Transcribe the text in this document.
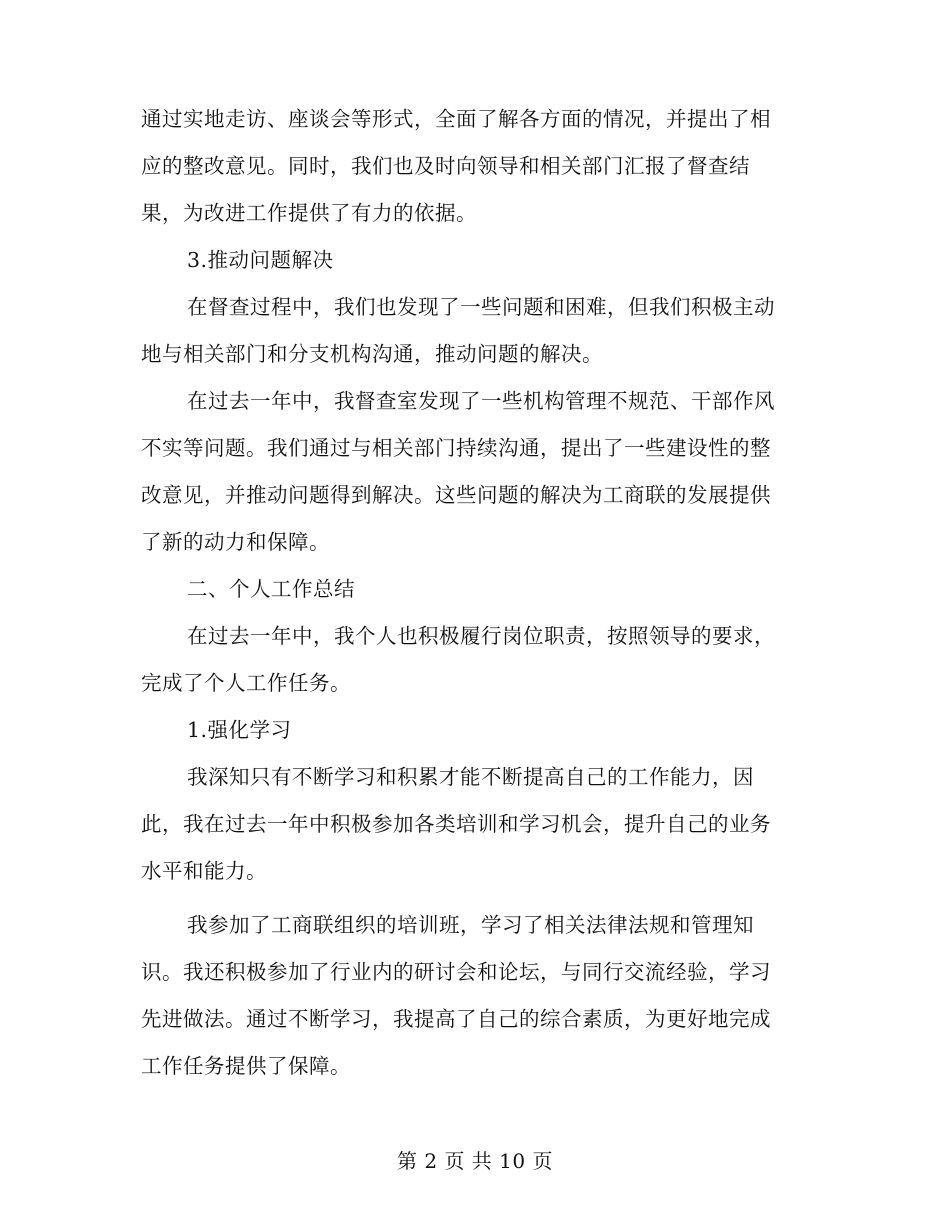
通过实地走访、座谈会等形式，全面了解各方面的情况，并提出了相
应的整改意见。同时，我们也及时向领导和相关部门汇报了督查结
果，为改进工作提供了有力的依据。
3.推动问题解决
在督查过程中，我们也发现了一些问题和困难，但我们积极主动
地与相关部门和分支机构沟通，推动问题的解决。
在过去一年中，我督查室发现了一些机构管理不规范、干部作风
不实等问题。我们通过与相关部门持续沟通，提出了一些建设性的整
改意见，并推动问题得到解决。这些问题的解决为工商联的发展提供
了新的动力和保障。
二、个人工作总结
在过去一年中，我个人也积极履行岗位职责，按照领导的要求，
完成了个人工作任务。
1.强化学习
我深知只有不断学习和积累才能不断提高自己的工作能力，因
此，我在过去一年中积极参加各类培训和学习机会，提升自己的业务
水平和能力。
我参加了工商联组织的培训班，学习了相关法律法规和管理知
识。我还积极参加了行业内的研讨会和论坛，与同行交流经验，学习
先进做法。通过不断学习，我提高了自己的综合素质，为更好地完成
工作任务提供了保障。
第 2 页 共 10 页
